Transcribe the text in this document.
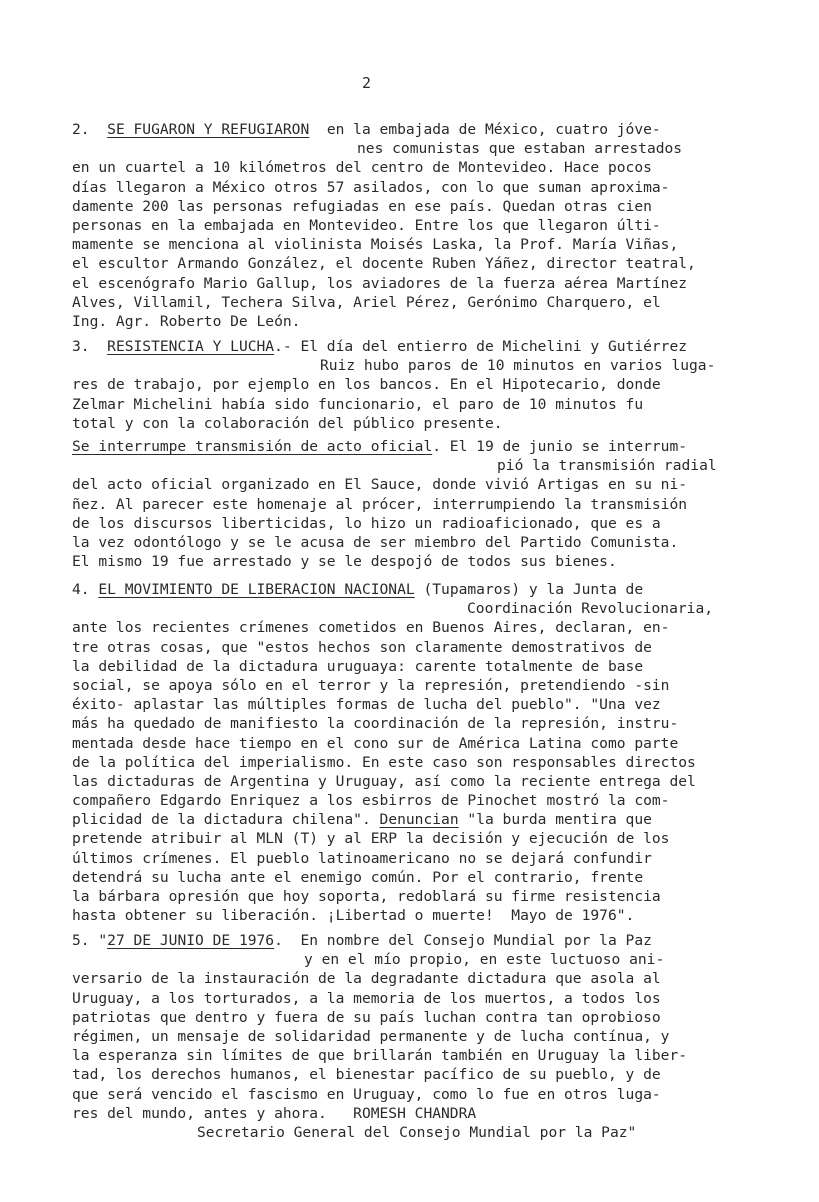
2
2.  SE FUGARON Y REFUGIARON  en la embajada de México, cuatro jóve-
nes comunistas que estaban arrestados
en un cuartel a 10 kilómetros del centro de Montevideo. Hace pocos
días llegaron a México otros 57 asilados, con lo que suman aproxima-
damente 200 las personas refugiadas en ese país. Quedan otras cien
personas en la embajada en Montevideo. Entre los que llegaron últi-
mamente se menciona al violinista Moisés Laska, la Prof. María Viñas,
el escultor Armando González, el docente Ruben Yáñez, director teatral,
el escenógrafo Mario Gallup, los aviadores de la fuerza aérea Martínez
Alves, Villamil, Techera Silva, Ariel Pérez, Gerónimo Charquero, el
Ing. Agr. Roberto De León.
3.  RESISTENCIA Y LUCHA.- El día del entierro de Michelini y Gutiérrez
Ruiz hubo paros de 10 minutos en varios luga-
res de trabajo, por ejemplo en los bancos. En el Hipotecario, donde
Zelmar Michelini había sido funcionario, el paro de 10 minutos fu
total y con la colaboración del público presente.
Se interrumpe transmisión de acto oficial. El 19 de junio se interrum-
pió la transmisión radial
del acto oficial organizado en El Sauce, donde vivió Artigas en su ni-
ñez. Al parecer este homenaje al prócer, interrumpiendo la transmisión
de los discursos liberticidas, lo hizo un radioaficionado, que es a
la vez odontólogo y se le acusa de ser miembro del Partido Comunista.
El mismo 19 fue arrestado y se le despojó de todos sus bienes.
4. EL MOVIMIENTO DE LIBERACION NACIONAL (Tupamaros) y la Junta de
Coordinación Revolucionaria,
ante los recientes crímenes cometidos en Buenos Aires, declaran, en-
tre otras cosas, que "estos hechos son claramente demostrativos de
la debilidad de la dictadura uruguaya: carente totalmente de base
social, se apoya sólo en el terror y la represión, pretendiendo -sin
éxito- aplastar las múltiples formas de lucha del pueblo". "Una vez
más ha quedado de manifiesto la coordinación de la represión, instru-
mentada desde hace tiempo en el cono sur de América Latina como parte
de la política del imperialismo. En este caso son responsables directos
las dictaduras de Argentina y Uruguay, así como la reciente entrega del
compañero Edgardo Enriquez a los esbirros de Pinochet mostró la com-
plicidad de la dictadura chilena". Denuncian "la burda mentira que
pretende atribuir al MLN (T) y al ERP la decisión y ejecución de los
últimos crímenes. El pueblo latinoamericano no se dejará confundir
detendrá su lucha ante el enemigo común. Por el contrario, frente
la bárbara opresión que hoy soporta, redoblará su firme resistencia
hasta obtener su liberación. ¡Libertad o muerte!  Mayo de 1976".
5. "27 DE JUNIO DE 1976.  En nombre del Consejo Mundial por la Paz
y en el mío propio, en este luctuoso ani-
versario de la instauración de la degradante dictadura que asola al
Uruguay, a los torturados, a la memoria de los muertos, a todos los
patriotas que dentro y fuera de su país luchan contra tan oprobioso
régimen, un mensaje de solidaridad permanente y de lucha contínua, y
la esperanza sin límites de que brillarán también en Uruguay la liber-
tad, los derechos humanos, el bienestar pacífico de su pueblo, y de
que será vencido el fascismo en Uruguay, como lo fue en otros luga-
res del mundo, antes y ahora.   ROMESH CHANDRA
Secretario General del Consejo Mundial por la Paz"
